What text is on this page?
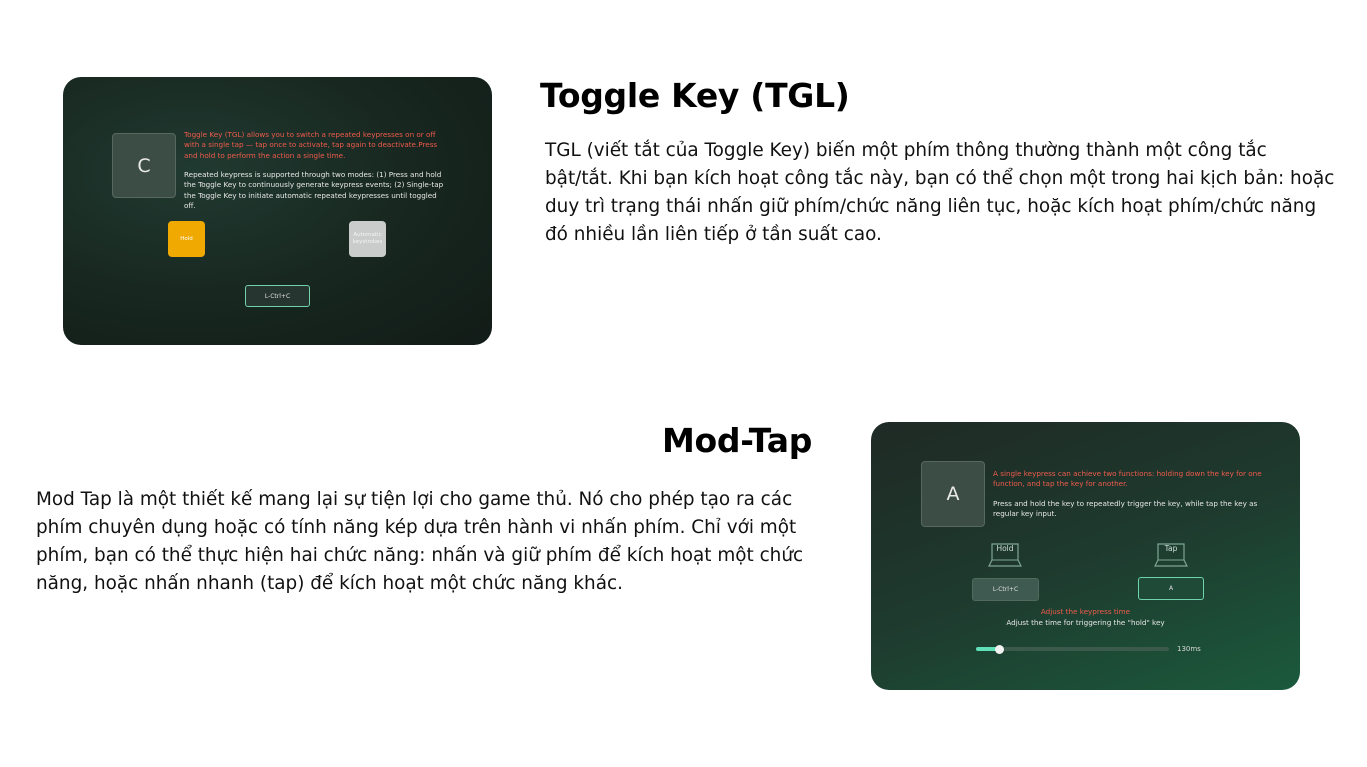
C
Toggle Key (TGL) allows you to switch a repeated keypresses on or off with a single tap — tap once to activate, tap again to deactivate.Press and hold to perform the action a single time.
Repeated keypress is supported through two modes: (1) Press and hold the Toggle Key to continuously generate keypress events; (2) Single-tap the Toggle Key to initiate automatic repeated keypresses until toggled off.
Hold
Automatic keystrokes
L-Ctrl+C
Toggle Key (TGL)

TGL (viết tắt của Toggle Key) biến một phím thông thường thành một công tắc bật/tắt. Khi bạn kích hoạt công tắc này, bạn có thể chọn một trong hai kịch bản: hoặc duy trì trạng thái nhấn giữ phím/chức năng liên tục, hoặc kích hoạt phím/chức năng đó nhiều lần liên tiếp ở tần suất cao.

Mod-Tap

Mod Tap là một thiết kế mang lại sự tiện lợi cho game thủ. Nó cho phép tạo ra các phím chuyên dụng hoặc có tính năng kép dựa trên hành vi nhấn phím. Chỉ với một phím, bạn có thể thực hiện hai chức năng: nhấn và giữ phím để kích hoạt một chức năng, hoặc nhấn nhanh (tap) để kích hoạt một chức năng khác.

A
A single keypress can achieve two functions: holding down the key for one function, and tap the key for another.
Press and hold the key to repeatedly trigger the key, while tap the key as regular key input.
Hold	Tap
L-Ctrl+C	A
Adjust the keypress time
Adjust the time for triggering the "hold" key
130ms
